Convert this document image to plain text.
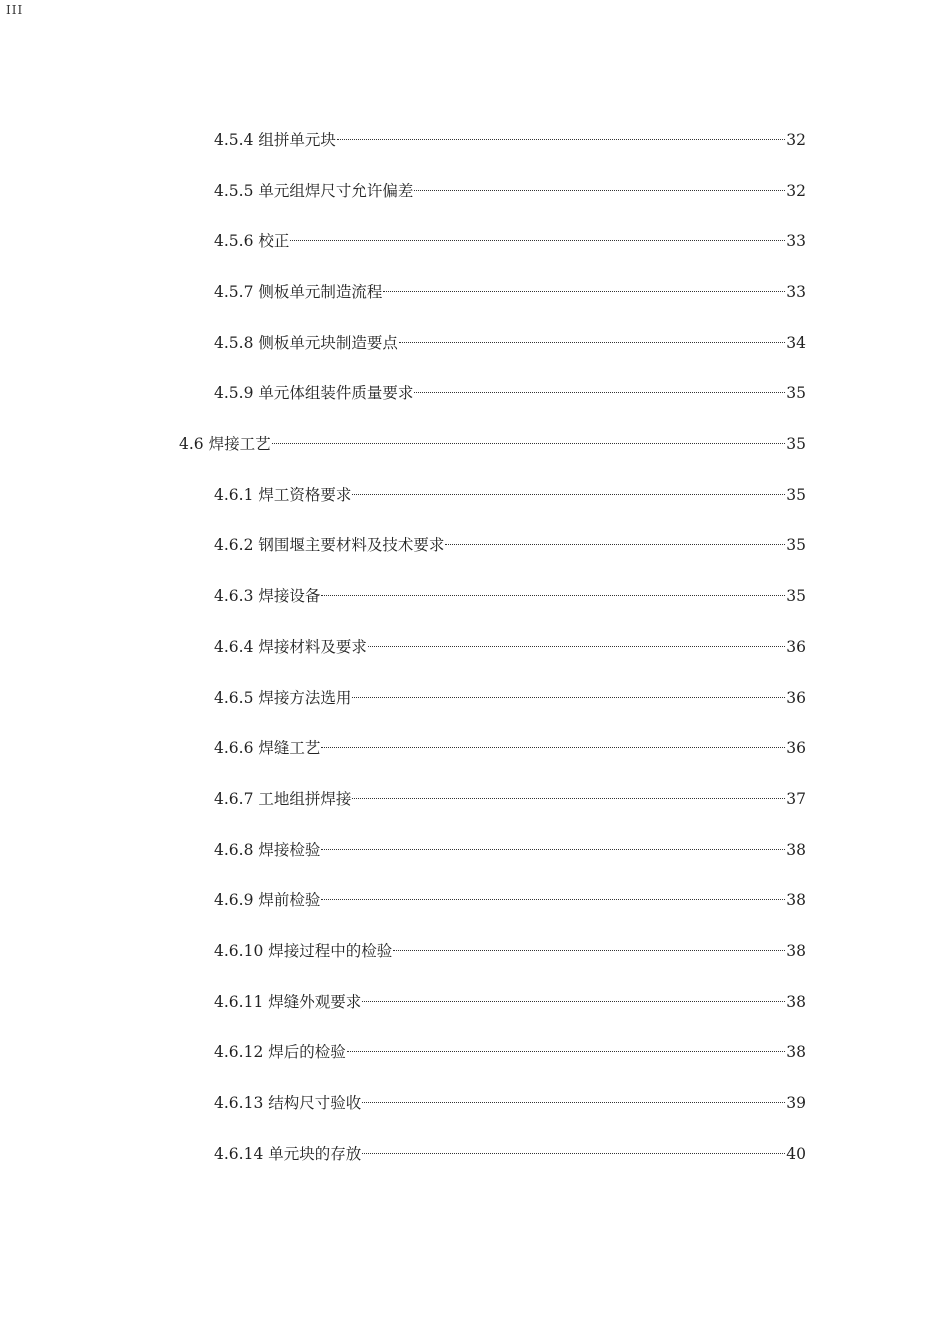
III
4.5.4 组拼单元块	32
4.5.5 单元组焊尺寸允许偏差	32
4.5.6 校正	33
4.5.7 侧板单元制造流程	33
4.5.8 侧板单元块制造要点	34
4.5.9 单元体组装件质量要求	35
4.6 焊接工艺	35
4.6.1 焊工资格要求	35
4.6.2 钢围堰主要材料及技术要求	35
4.6.3 焊接设备	35
4.6.4 焊接材料及要求	36
4.6.5 焊接方法选用	36
4.6.6 焊缝工艺	36
4.6.7 工地组拼焊接	37
4.6.8 焊接检验	38
4.6.9 焊前检验	38
4.6.10 焊接过程中的检验	38
4.6.11 焊缝外观要求	38
4.6.12 焊后的检验	38
4.6.13 结构尺寸验收	39
4.6.14 单元块的存放	40
